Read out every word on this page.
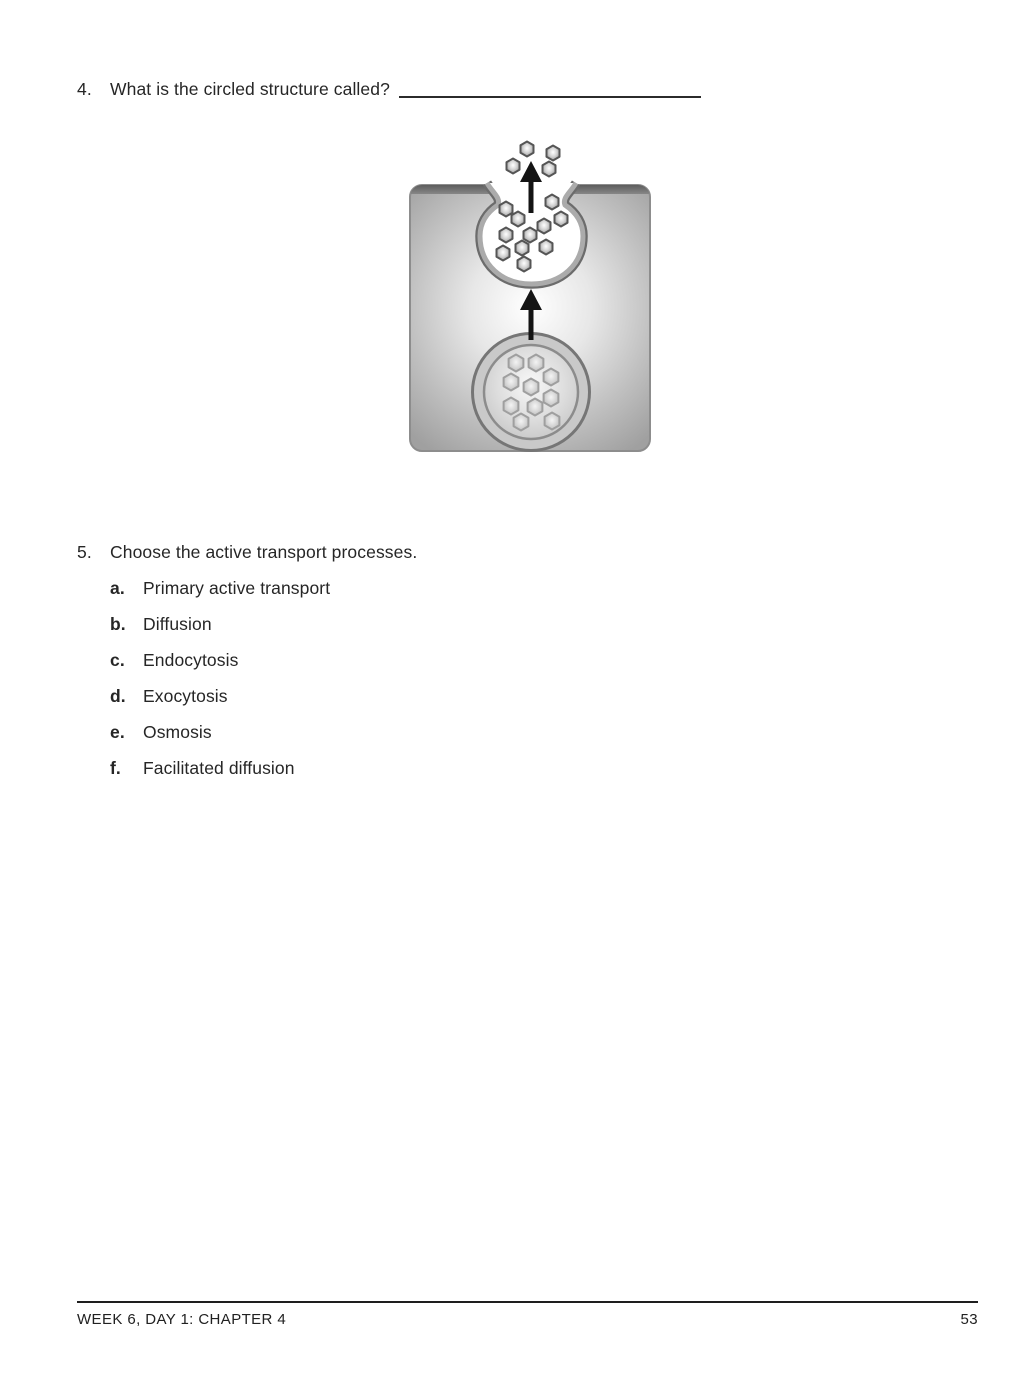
4. What is the circled structure called?
5. Choose the active transport processes.
a. Primary active transport
b. Diffusion
c. Endocytosis
d. Exocytosis
e. Osmosis
f. Facilitated diffusion
WEEK 6, DAY 1: CHAPTER 4	53
